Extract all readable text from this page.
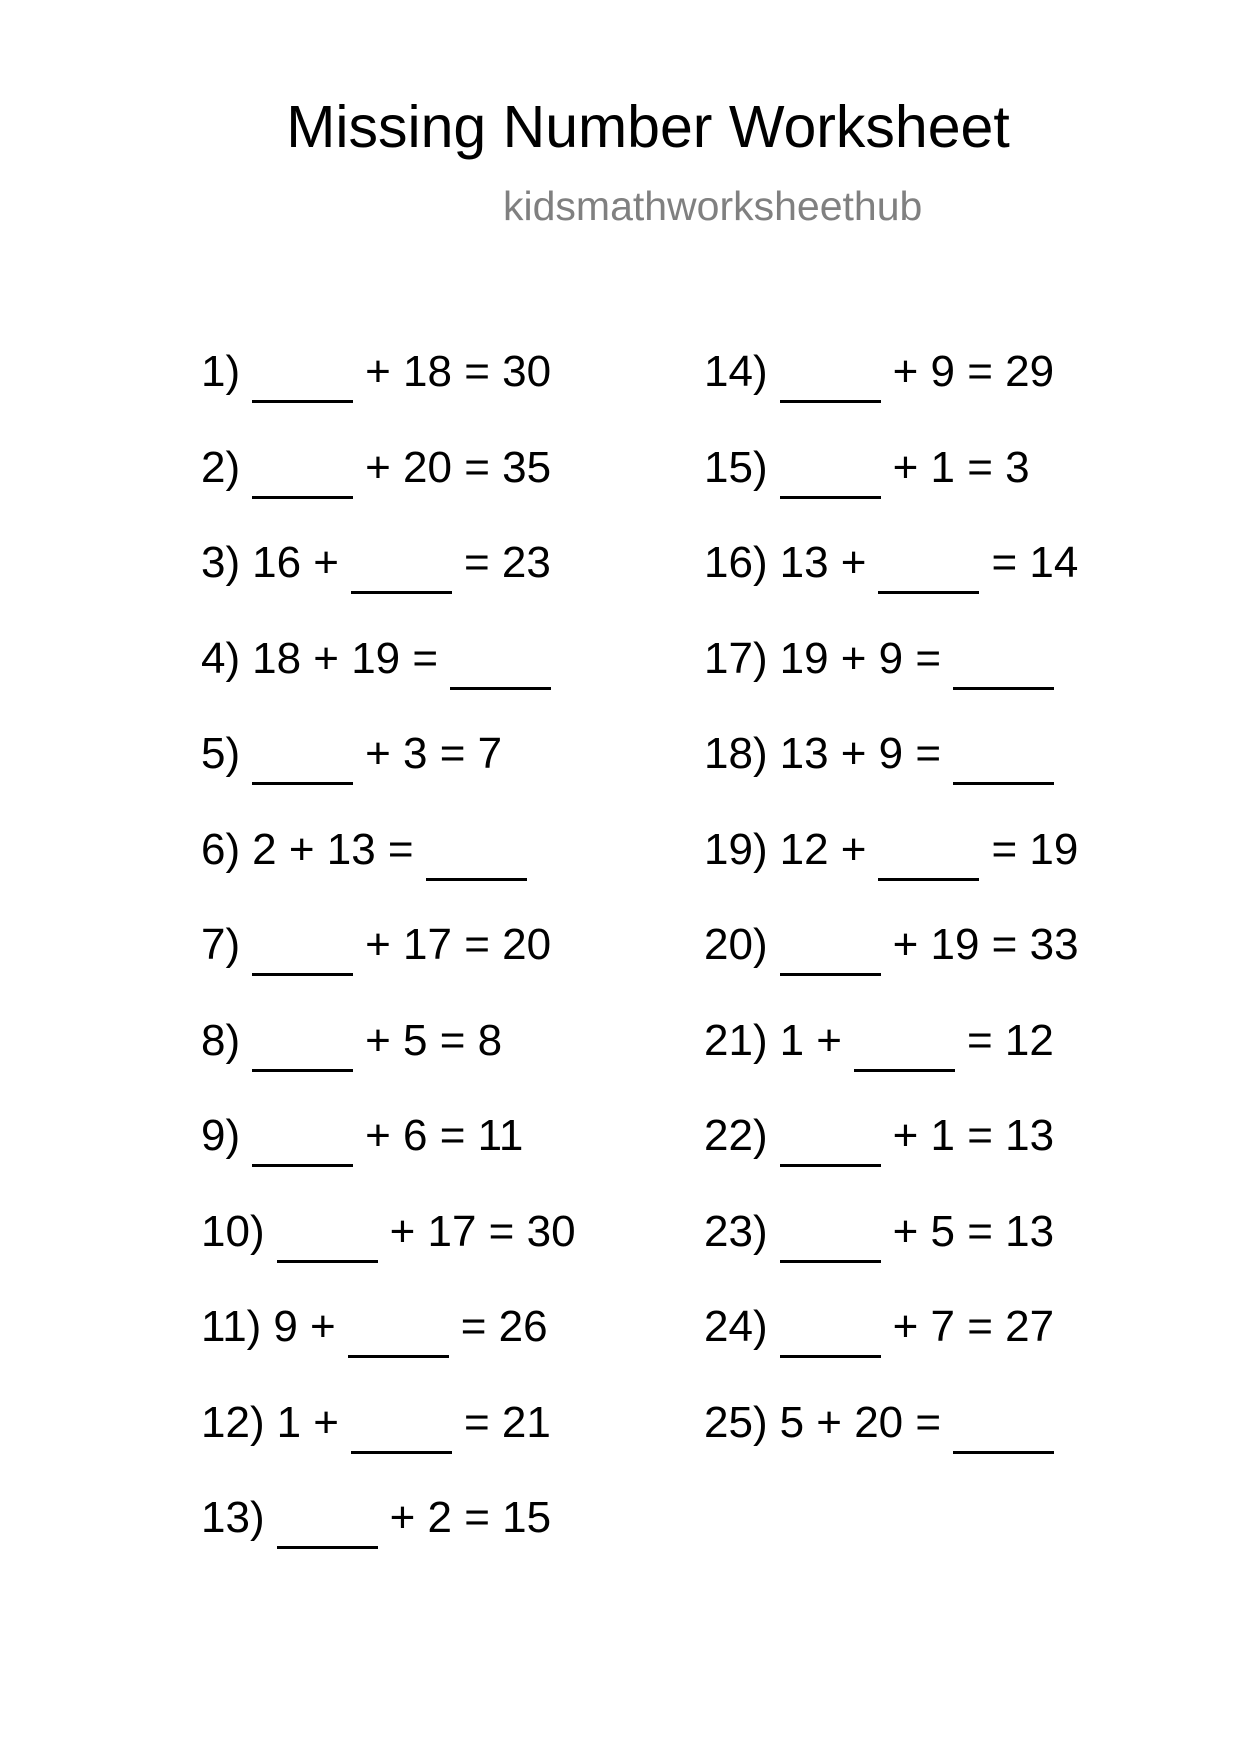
Missing Number Worksheet
kidsmathworksheethub
1)	+ 18 = 30
2)	+ 20 = 35
3) 16 +	= 23
4) 18 + 19 =
5)	+ 3 = 7
6) 2 + 13 =
7)	+ 17 = 20
8)	+ 5 = 8
9)	+ 6 = 11
10)	+ 17 = 30
11) 9 +	= 26
12) 1 +	= 21
13)	+ 2 = 15
14)	+ 9 = 29
15)	+ 1 = 3
16) 13 +	= 14
17) 19 + 9 =
18) 13 + 9 =
19) 12 +	= 19
20)	+ 19 = 33
21) 1 +	= 12
22)	+ 1 = 13
23)	+ 5 = 13
24)	+ 7 = 27
25) 5 + 20 =
